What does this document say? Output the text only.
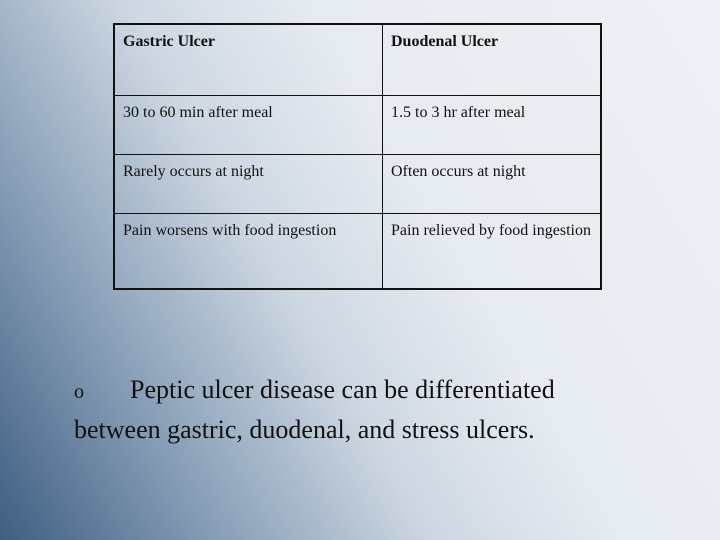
Gastric Ulcer	Duodenal Ulcer
30 to 60 min after meal	1.5 to 3 hr after meal
Rarely occurs at night	Often occurs at night
Pain worsens with food ingestion	Pain relieved by food ingestion
o Peptic ulcer disease can be differentiated between gastric, duodenal, and stress ulcers.
